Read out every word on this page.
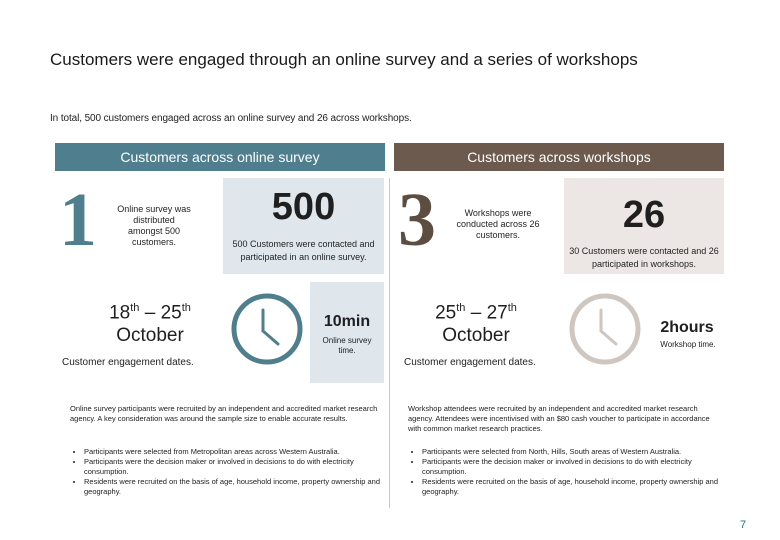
Customers were engaged through an online survey and a series of workshops
In total, 500 customers engaged across an online survey and 26 across workshops.
Customers across online survey
1 Online survey was distributed amongst 500 customers.
500
500 Customers were contacted and participated in an online survey.
18th – 25th
October
Customer engagement dates.
10min
Online survey time.
Online survey participants were recruited by an independent and accredited market research agency. A key consideration was around the sample size to enable accurate results.
• Participants were selected from Metropolitan areas across Western Australia.
• Participants were the decision maker or involved in decisions to do with electricity consumption.
• Residents were recruited on the basis of age, household income, property ownership and geography.
Customers across workshops
3	Workshops were conducted across 26 customers.	26
30 Customers were contacted and 26 participated in workshops.
25th – 27th
October
Customer engagement dates.
2hours
Workshop time.
Workshop attendees were recruited by an independent and accredited market research agency. Attendees were incentivised with an $80 cash voucher to participate in accordance with common market research practices.
• Participants were selected from North, Hills, South areas of Western Australia.
• Participants were the decision maker or involved in decisions to do with electricity consumption.
• Residents were recruited on the basis of age, household income, property ownership and geography.
7
